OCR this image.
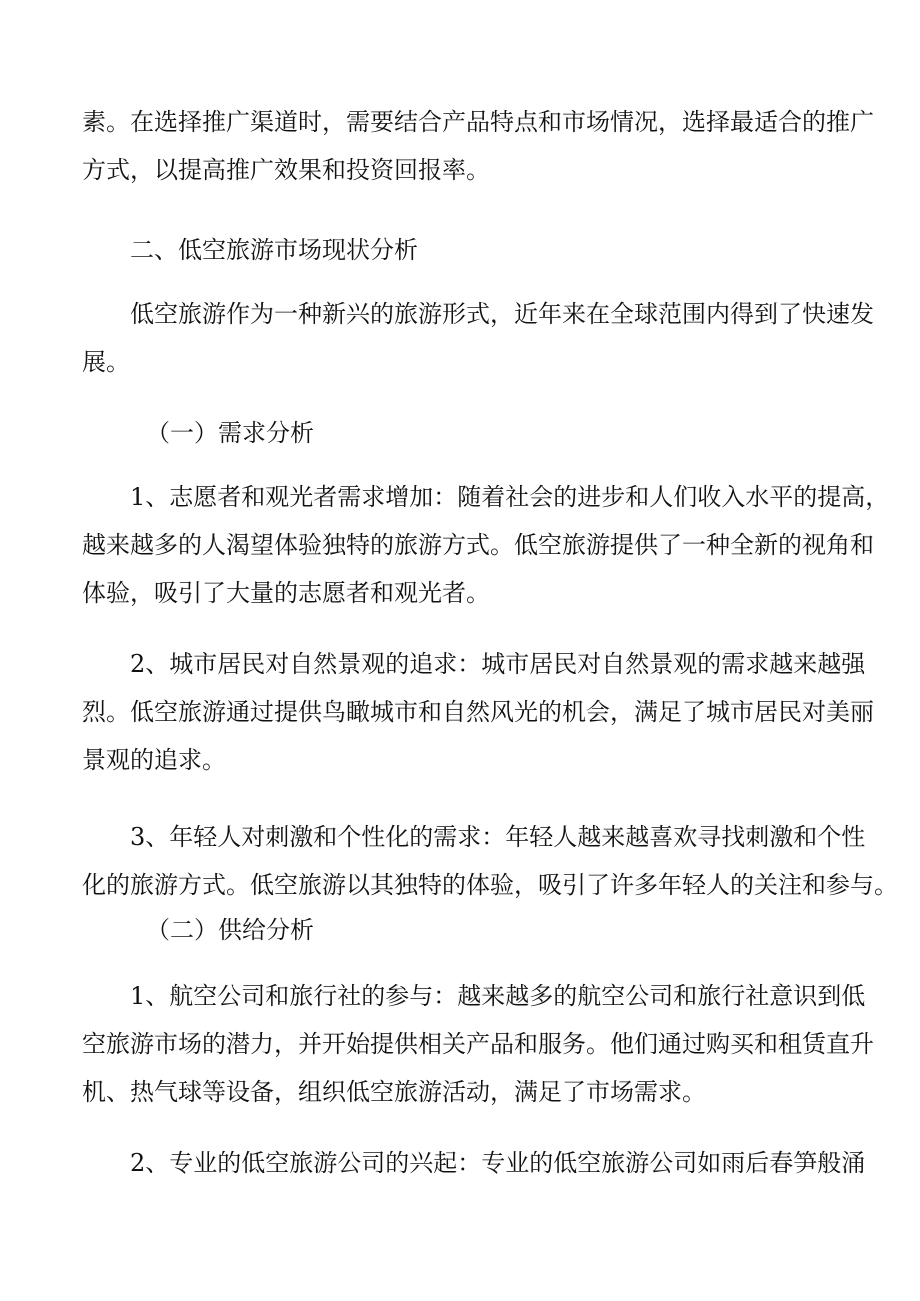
素。在选择推广渠道时，需要结合产品特点和市场情况，选择最适合的推广
方式，以提高推广效果和投资回报率。
二、低空旅游市场现状分析
低空旅游作为一种新兴的旅游形式，近年来在全球范围内得到了快速发
展。
（一）需求分析
1、志愿者和观光者需求增加：随着社会的进步和人们收入水平的提高，
越来越多的人渴望体验独特的旅游方式。低空旅游提供了一种全新的视角和
体验，吸引了大量的志愿者和观光者。
2、城市居民对自然景观的追求：城市居民对自然景观的需求越来越强
烈。低空旅游通过提供鸟瞰城市和自然风光的机会，满足了城市居民对美丽
景观的追求。
3、年轻人对刺激和个性化的需求：年轻人越来越喜欢寻找刺激和个性
化的旅游方式。低空旅游以其独特的体验，吸引了许多年轻人的关注和参与。
（二）供给分析
1、航空公司和旅行社的参与：越来越多的航空公司和旅行社意识到低
空旅游市场的潜力，并开始提供相关产品和服务。他们通过购买和租赁直升
机、热气球等设备，组织低空旅游活动，满足了市场需求。
2、专业的低空旅游公司的兴起：专业的低空旅游公司如雨后春笋般涌
